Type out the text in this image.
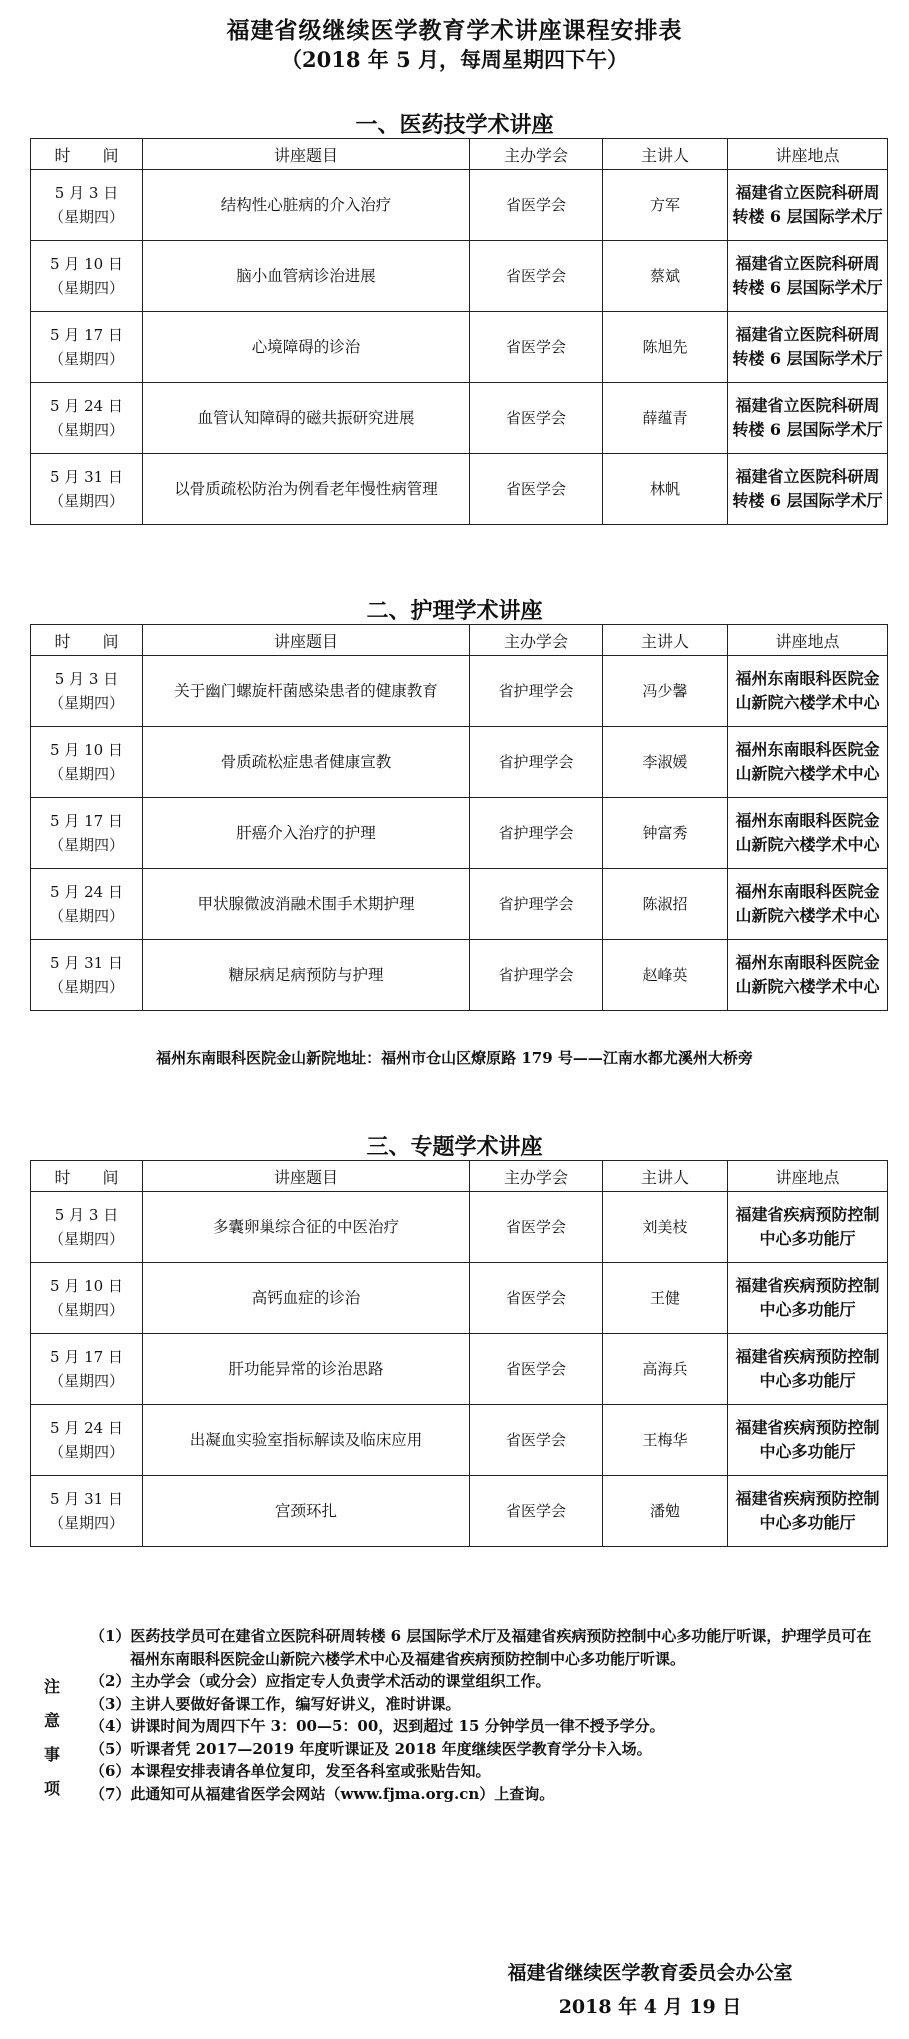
福建省级继续医学教育学术讲座课程安排表
（2018 年 5 月，每周星期四下午）
一、医药技学术讲座
时　　间	讲座题目	主办学会	主讲人	讲座地点

5 月 3 日
（星期四）	结构性心脏病的介入治疗	省医学会	方军	福建省立医院科研周转楼 6 层国际学术厅

5 月 10 日
（星期四）	脑小血管病诊治进展	省医学会	蔡斌	福建省立医院科研周转楼 6 层国际学术厅

5 月 17 日
（星期四）	心境障碍的诊治	省医学会	陈旭先	福建省立医院科研周转楼 6 层国际学术厅

5 月 24 日
（星期四）	血管认知障碍的磁共振研究进展	省医学会	薛蕴青	福建省立医院科研周转楼 6 层国际学术厅

5 月 31 日
（星期四）	以骨质疏松防治为例看老年慢性病管理	省医学会	林帆	福建省立医院科研周转楼 6 层国际学术厅
二、护理学术讲座
时　　间	讲座题目	主办学会	主讲人	讲座地点

5 月 3 日
（星期四）	关于幽门螺旋杆菌感染患者的健康教育	省护理学会	冯少馨	福州东南眼科医院金山新院六楼学术中心

5 月 10 日
（星期四）	骨质疏松症患者健康宣教	省护理学会	李淑媛	福州东南眼科医院金山新院六楼学术中心

5 月 17 日
（星期四）	肝癌介入治疗的护理	省护理学会	钟富秀	福州东南眼科医院金山新院六楼学术中心

5 月 24 日
（星期四）	甲状腺微波消融术围手术期护理	省护理学会	陈淑招	福州东南眼科医院金山新院六楼学术中心

5 月 31 日
（星期四）	糖尿病足病预防与护理	省护理学会	赵峰英	福州东南眼科医院金山新院六楼学术中心
福州东南眼科医院金山新院地址：福州市仓山区燎原路 179 号——江南水都尤溪州大桥旁
三、专题学术讲座
时　　间	讲座题目	主办学会	主讲人	讲座地点

5 月 3 日
（星期四）	多囊卵巢综合征的中医治疗	省医学会	刘美枝	福建省疾病预防控制中心多功能厅

5 月 10 日
（星期四）	高钙血症的诊治	省医学会	王健	福建省疾病预防控制中心多功能厅

5 月 17 日
（星期四）	肝功能异常的诊治思路	省医学会	高海兵	福建省疾病预防控制中心多功能厅

5 月 24 日
（星期四）	出凝血实验室指标解读及临床应用	省医学会	王梅华	福建省疾病预防控制中心多功能厅

5 月 31 日
（星期四）	宫颈环扎	省医学会	潘勉	福建省疾病预防控制中心多功能厅
注
意
事
项
（1）医药技学员可在建省立医院科研周转楼 6 层国际学术厅及福建省疾病预防控制中心多功能厅听课，护理学员可在福州东南眼科医院金山新院六楼学术中心及福建省疾病预防控制中心多功能厅听课。
（2）主办学会（或分会）应指定专人负责学术活动的课堂组织工作。
（3）主讲人要做好备课工作，编写好讲义，准时讲课。
（4）讲课时间为周四下午 3：00—5：00，迟到超过 15 分钟学员一律不授予学分。
（5）听课者凭 2017—2019 年度听课证及 2018 年度继续医学教育学分卡入场。
（6）本课程安排表请各单位复印，发至各科室或张贴告知。
（7）此通知可从福建省医学会网站（www.fjma.org.cn）上查询。
福建省继续医学教育委员会办公室
2018 年 4 月 19 日
